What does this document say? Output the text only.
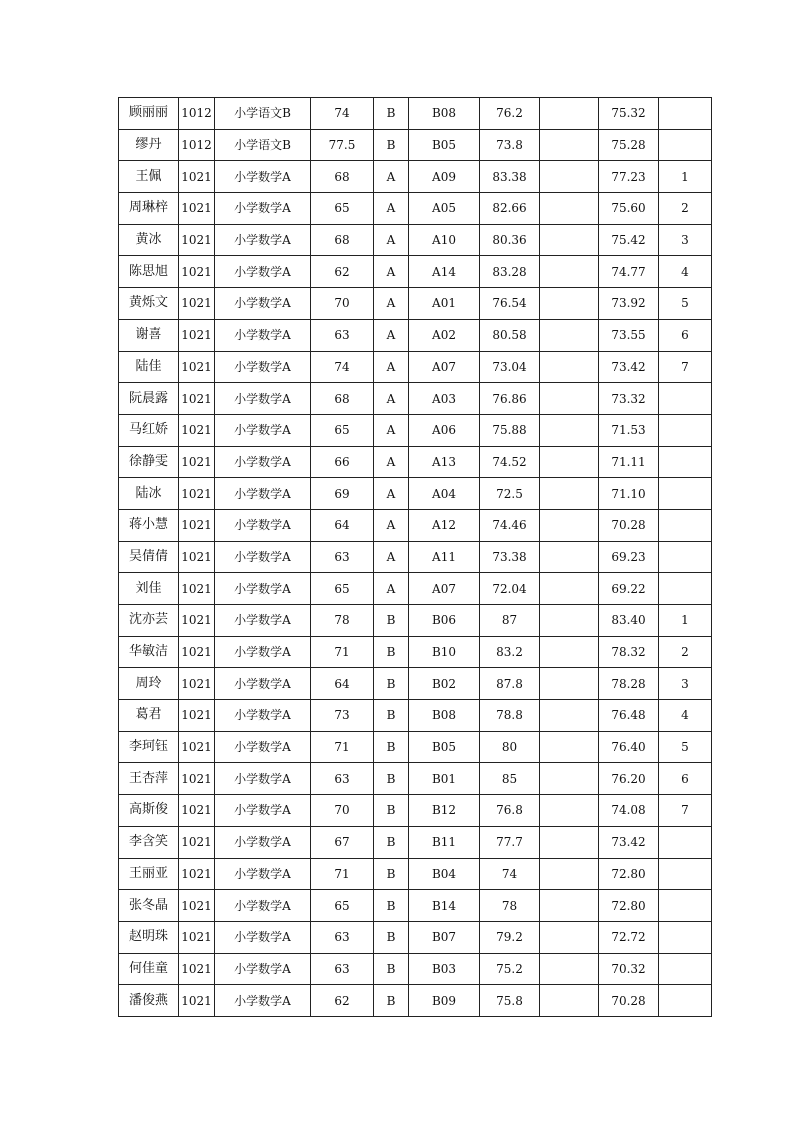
顾丽丽	1012	小学语文B	74	B	B08	76.2		75.32	
缪丹	1012	小学语文B	77.5	B	B05	73.8		75.28	
王佩	1021	小学数学A	68	A	A09	83.38		77.23	1
周琳梓	1021	小学数学A	65	A	A05	82.66		75.60	2
黄冰	1021	小学数学A	68	A	A10	80.36		75.42	3
陈思旭	1021	小学数学A	62	A	A14	83.28		74.77	4
黄烁文	1021	小学数学A	70	A	A01	76.54		73.92	5
谢喜	1021	小学数学A	63	A	A02	80.58		73.55	6
陆佳	1021	小学数学A	74	A	A07	73.04		73.42	7
阮晨露	1021	小学数学A	68	A	A03	76.86		73.32	
马红娇	1021	小学数学A	65	A	A06	75.88		71.53	
徐静雯	1021	小学数学A	66	A	A13	74.52		71.11	
陆冰	1021	小学数学A	69	A	A04	72.5		71.10	
蒋小慧	1021	小学数学A	64	A	A12	74.46		70.28	
吴倩倩	1021	小学数学A	63	A	A11	73.38		69.23	
刘佳	1021	小学数学A	65	A	A07	72.04		69.22	
沈亦芸	1021	小学数学A	78	B	B06	87		83.40	1
华敏洁	1021	小学数学A	71	B	B10	83.2		78.32	2
周玲	1021	小学数学A	64	B	B02	87.8		78.28	3
葛君	1021	小学数学A	73	B	B08	78.8		76.48	4
李珂钰	1021	小学数学A	71	B	B05	80		76.40	5
王杏萍	1021	小学数学A	63	B	B01	85		76.20	6
高斯俊	1021	小学数学A	70	B	B12	76.8		74.08	7
李含笑	1021	小学数学A	67	B	B11	77.7		73.42	
王丽亚	1021	小学数学A	71	B	B04	74		72.80	
张冬晶	1021	小学数学A	65	B	B14	78		72.80	
赵明珠	1021	小学数学A	63	B	B07	79.2		72.72	
何佳童	1021	小学数学A	63	B	B03	75.2		70.32	
潘俊燕	1021	小学数学A	62	B	B09	75.8		70.28	
